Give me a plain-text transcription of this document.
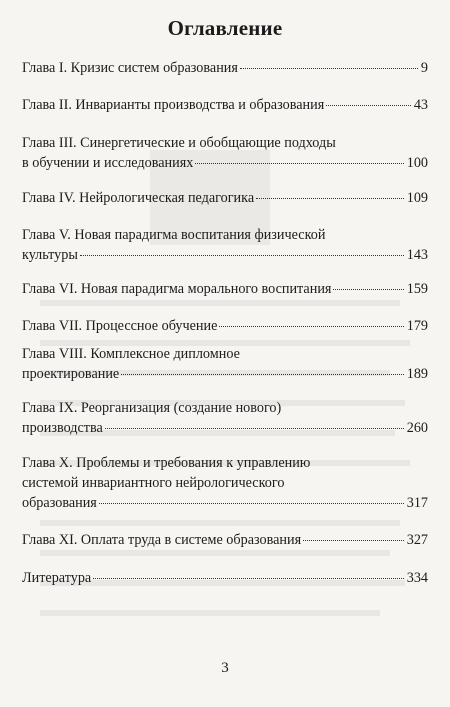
Оглавление
Глава I. Кризис систем образования	9
Глава II. Инварианты производства и образования	43
Глава III. Синергетические и обобщающие подходы
в обучении и исследованиях	100
Глава IV. Нейрологическая педагогика	109
Глава V. Новая парадигма воспитания физической
культуры	143
Глава VI. Новая парадигма морального воспитания	159
Глава VII. Процессное обучение	179
Глава VIII. Комплексное дипломное
проектирование	189
Глава IX. Реорганизация (создание нового)
производства	260
Глава X. Проблемы и требования к управлению
системой инвариантного нейрологического
образования	317
Глава XI. Оплата труда в системе образования	327
Литература	334
3
